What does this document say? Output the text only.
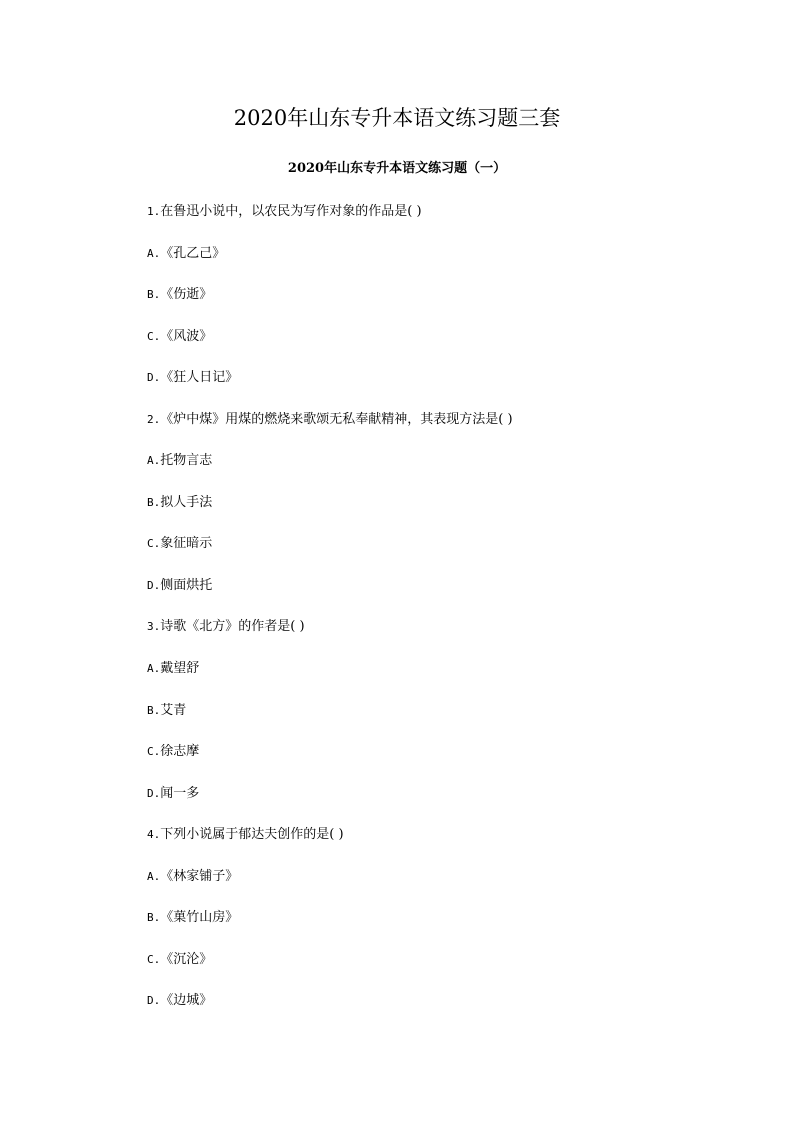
2020年山东专升本语文练习题三套
2020年山东专升本语文练习题（一）
1.在鲁迅小说中，以农民为写作对象的作品是( )
A.《孔乙己》
B.《伤逝》
C.《风波》
D.《狂人日记》
2.《炉中煤》用煤的燃烧来歌颂无私奉献精神，其表现方法是( )
A.托物言志
B.拟人手法
C.象征暗示
D.侧面烘托
3.诗歌《北方》的作者是( )
A.戴望舒
B.艾青
C.徐志摩
D.闻一多
4.下列小说属于郁达夫创作的是( )
A.《林家铺子》
B.《菓竹山房》
C.《沉沦》
D.《边城》
